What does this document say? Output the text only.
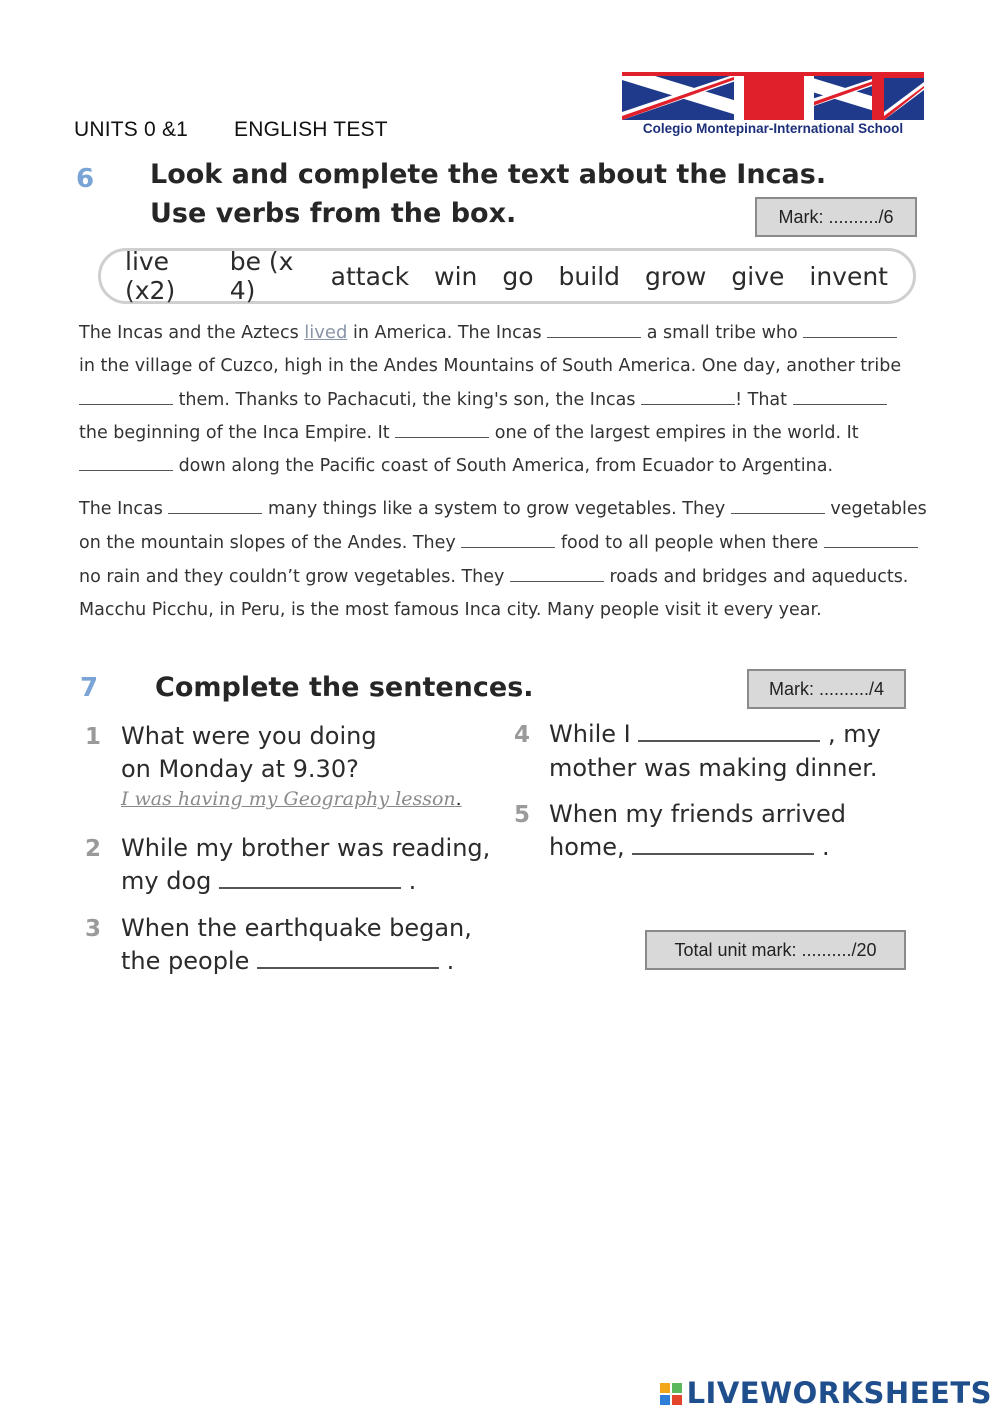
UNITS 0 &1 ENGLISH TEST	Colegio Montepinar-International School
6 Look and complete the text about the Incas.
Use verbs from the box.	Mark: ........../6
live (x2)
be (x 4)	attack win go build grow give invent
The Incas and the Aztecs lived in America. The Incas	a small tribe who
in the village of Cuzco, high in the Andes Mountains of South America. One day, another tribe
them. Thanks to Pachacuti, the king's son, the Incas	! That
the beginning of the Inca Empire. It	one of the largest empires in the world. It
down along the Pacific coast of South America, from Ecuador to Argentina.
The Incas	many things like a system to grow vegetables. They	vegetables
on the mountain slopes of the Andes. They	food to all people when there
no rain and they couldn’t grow vegetables. They	roads and bridges and aqueducts.
Macchu Picchu, in Peru, is the most famous Inca city. Many people visit it every year.
7 Complete the sentences.	Mark: ........../4
1 What were you doing
on Monday at 9.30?
I was having my Geography lesson.
2 While my brother was reading,
my dog	.
3 When the earthquake began,
the people	.
4 While I	, my
mother was making dinner.
5 When my friends arrived
home,	.
Total unit mark: ........../20
LIVEWORKSHEETS
